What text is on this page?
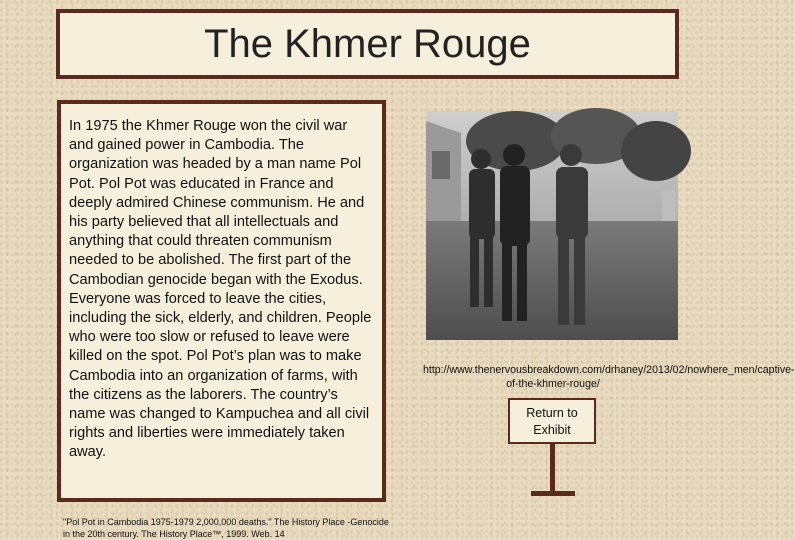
The Khmer Rouge

In 1975 the Khmer Rouge won the civil war and gained power in Cambodia. The organization was headed by a man name Pol Pot. Pol Pot was educated in France and deeply admired Chinese communism. He and his party believed that all intellectuals and anything that could threaten communism needed to be abolished. The first part of the Cambodian genocide began with the Exodus. Everyone was forced to leave the cities, including the sick, elderly, and children. People who were too slow or refused to leave were killed on the spot. Pol Pot’s plan was to make Cambodia into an organization of farms, with the citizens as the laborers. The country’s name was changed to Kampuchea and all civil rights and liberties were immediately taken away.

"Pol Pot in Cambodia 1975-1979 2,000,000 deaths." The History Place -Genocide in the 20th century. The History Place™, 1999. Web. 14
http://www.thenervousbreakdown.com/drhaney/2013/02/nowhere_men/captive-of-the-khmer-rouge/
Return to
Exhibit
